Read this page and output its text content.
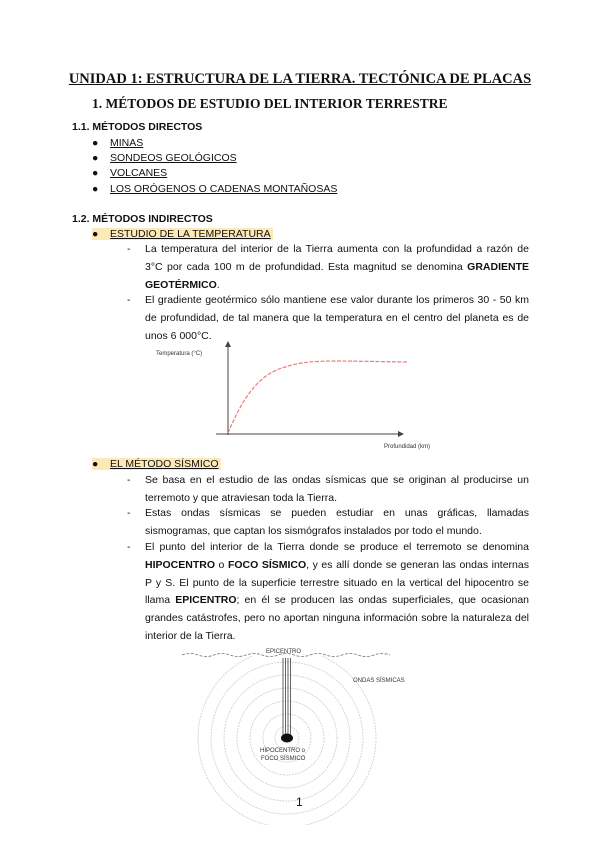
UNIDAD 1: ESTRUCTURA DE LA TIERRA. TECTÓNICA DE PLACAS
1. MÉTODOS DE ESTUDIO DEL INTERIOR TERRESTRE
1.1. MÉTODOS DIRECTOS
● MINAS
● SONDEOS GEOLÓGICOS
● VOLCANES
● LOS ORÓGENOS O CADENAS MONTAÑOSAS
1.2. MÉTODOS INDIRECTOS
● ESTUDIO DE LA TEMPERATURA
- La temperatura del interior de la Tierra aumenta con la profundidad a razón de 3°C por cada 100 m de profundidad. Esta magnitud se denomina GRADIENTE GEOTÉRMICO.
- El gradiente geotérmico sólo mantiene ese valor durante los primeros 30 - 50 km de profundidad, de tal manera que la temperatura en el centro del planeta es de unos 6 000°C.
Temperatura (°C)
Profundidad (km)
● EL MÉTODO SÍSMICO
- Se basa en el estudio de las ondas sísmicas que se originan al producirse un terremoto y que atraviesan toda la Tierra.
- Estas ondas sísmicas se pueden estudiar en unas gráficas, llamadas sismogramas, que captan los sismógrafos instalados por todo el mundo.
- El punto del interior de la Tierra donde se produce el terremoto se denomina HIPOCENTRO o FOCO SÍSMICO, y es allí donde se generan las ondas internas P y S. El punto de la superficie terrestre situado en la vertical del hipocentro se llama EPICENTRO; en él se producen las ondas superficiales, que ocasionan grandes catástrofes, pero no aportan ninguna información sobre la naturaleza del interior de la Tierra.
EPICENTRO
ONDAS SÍSMICAS
HIPOCENTRO o
FOCO SÍSMICO
1
